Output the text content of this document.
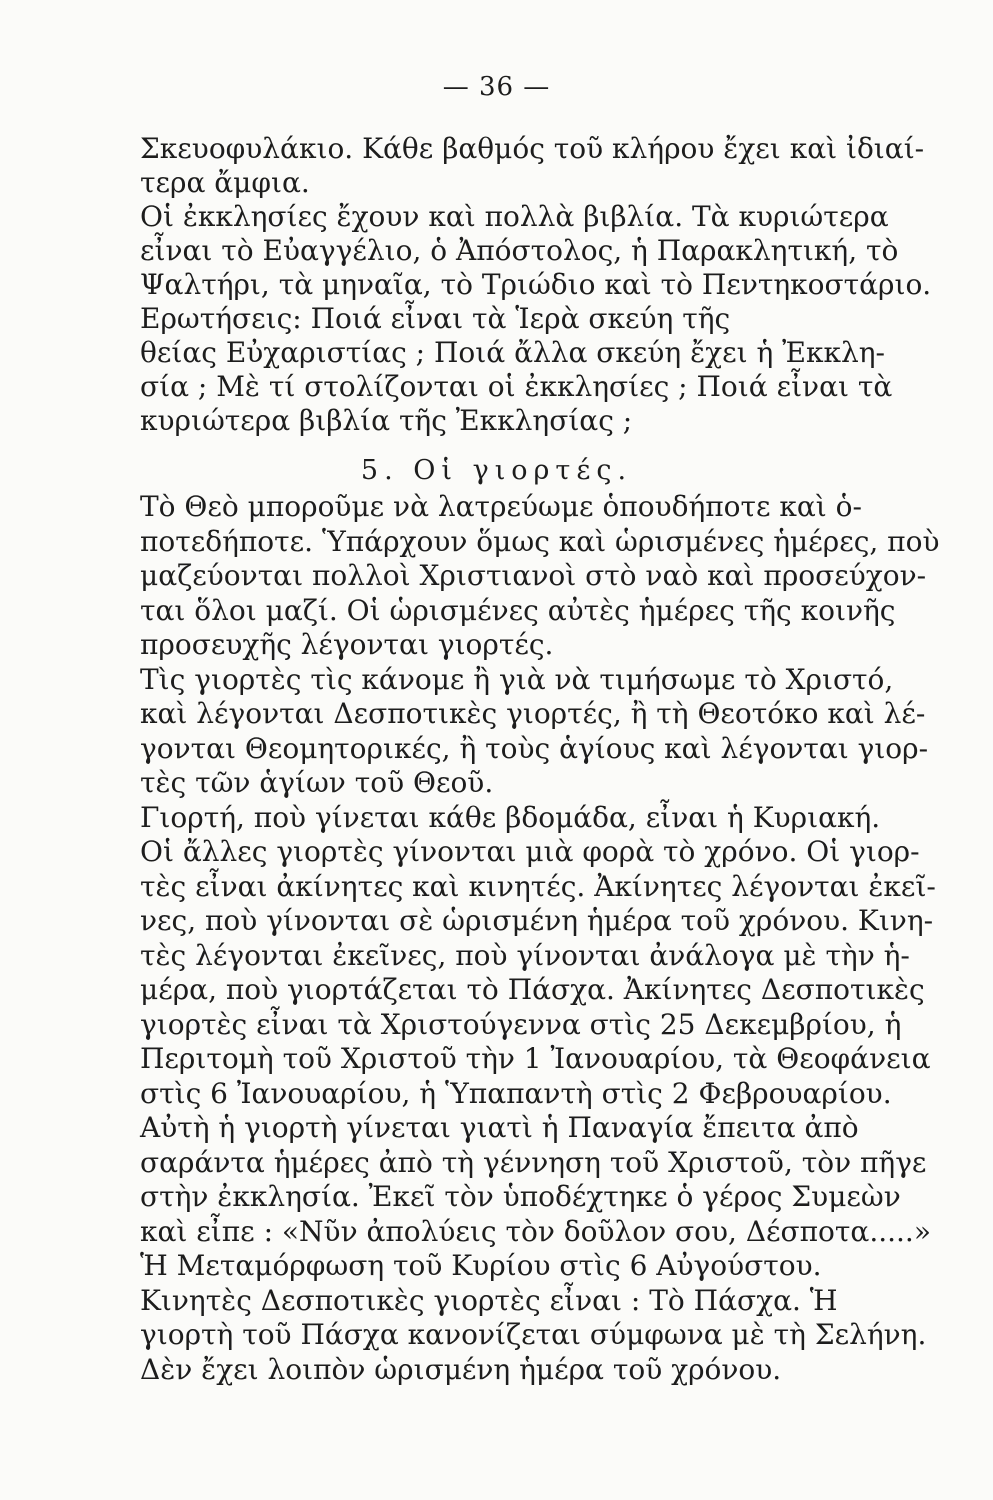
— 36 —
Σκευοφυλάκιο. Κάθε βαθμός τοῦ κλήρου ἔχει καὶ ἰδιαί-
τερα ἄμφια.
Οἱ ἐκκλησίες ἔχουν καὶ πολλὰ βιβλία. Τὰ κυριώτερα
εἶναι τὸ Εὐαγγέλιο, ὁ Ἀπόστολος, ἡ Παρακλητική, τὸ
Ψαλτήρι, τὰ μηναῖα, τὸ Τριώδιο καὶ τὸ Πεντηκοστάριο.
Ερωτήσεις: Ποιά εἶναι τὰ Ἱερὰ σκεύη τῆς
θείας Εὐχαριστίας ; Ποιά ἄλλα σκεύη ἔχει ἡ Ἐκκλη-
σία ; Μὲ τί στολίζονται οἱ ἐκκλησίες ; Ποιά εἶναι τὰ
κυριώτερα βιβλία τῆς Ἐκκλησίας ;
5. Οἱ γιορτές.
Τὸ Θεὸ μποροῦμε νὰ λατρεύωμε ὁπουδήποτε καὶ ὁ-
ποτεδήποτε. Ὑπάρχουν ὅμως καὶ ὡρισμένες ἡμέρες, ποὺ
μαζεύονται πολλοὶ Χριστιανοὶ στὸ ναὸ καὶ προσεύχον-
ται ὅλοι μαζί. Οἱ ὡρισμένες αὐτὲς ἡμέρες τῆς κοινῆς
προσευχῆς λέγονται γιορτές.
Τὶς γιορτὲς τὶς κάνομε ἢ γιὰ νὰ τιμήσωμε τὸ Χριστό,
καὶ λέγονται Δεσποτικὲς γιορτές, ἢ τὴ Θεοτόκο καὶ λέ-
γονται Θεομητορικές, ἢ τοὺς ἁγίους καὶ λέγονται γιορ-
τὲς τῶν ἁγίων τοῦ Θεοῦ.
Γιορτή, ποὺ γίνεται κάθε βδομάδα, εἶναι ἡ Κυριακή.
Οἱ ἄλλες γιορτὲς γίνονται μιὰ φορὰ τὸ χρόνο. Οἱ γιορ-
τὲς εἶναι ἀκίνητες καὶ κινητές. Ἀκίνητες λέγονται ἐκεῖ-
νες, ποὺ γίνονται σὲ ὡρισμένη ἡμέρα τοῦ χρόνου. Κινη-
τὲς λέγονται ἐκεῖνες, ποὺ γίνονται ἀνάλογα μὲ τὴν ἡ-
μέρα, ποὺ γιορτάζεται τὸ Πάσχα. Ἀκίνητες Δεσποτικὲς
γιορτὲς εἶναι τὰ Χριστούγεννα στὶς 25 Δεκεμβρίου, ἡ
Περιτομὴ τοῦ Χριστοῦ τὴν 1 Ἰανουαρίου, τὰ Θεοφάνεια
στὶς 6 Ἰανουαρίου, ἡ Ὑπαπαντὴ στὶς 2 Φεβρουαρίου.
Αὐτὴ ἡ γιορτὴ γίνεται γιατὶ ἡ Παναγία ἔπειτα ἀπὸ
σαράντα ἡμέρες ἀπὸ τὴ γέννηση τοῦ Χριστοῦ, τὸν πῆγε
στὴν ἐκκλησία. Ἐκεῖ τὸν ὑποδέχτηκε ὁ γέρος Συμεὼν
καὶ εἶπε : «Νῦν ἀπολύεις τὸν δοῦλον σου, Δέσποτα.....»
Ἡ Μεταμόρφωση τοῦ Κυρίου στὶς 6 Αὐγούστου.
Κινητὲς Δεσποτικὲς γιορτὲς εἶναι : Τὸ Πάσχα. Ἡ
γιορτὴ τοῦ Πάσχα κανονίζεται σύμφωνα μὲ τὴ Σελήνη.
Δὲν ἔχει λοιπὸν ὡρισμένη ἡμέρα τοῦ χρόνου.
